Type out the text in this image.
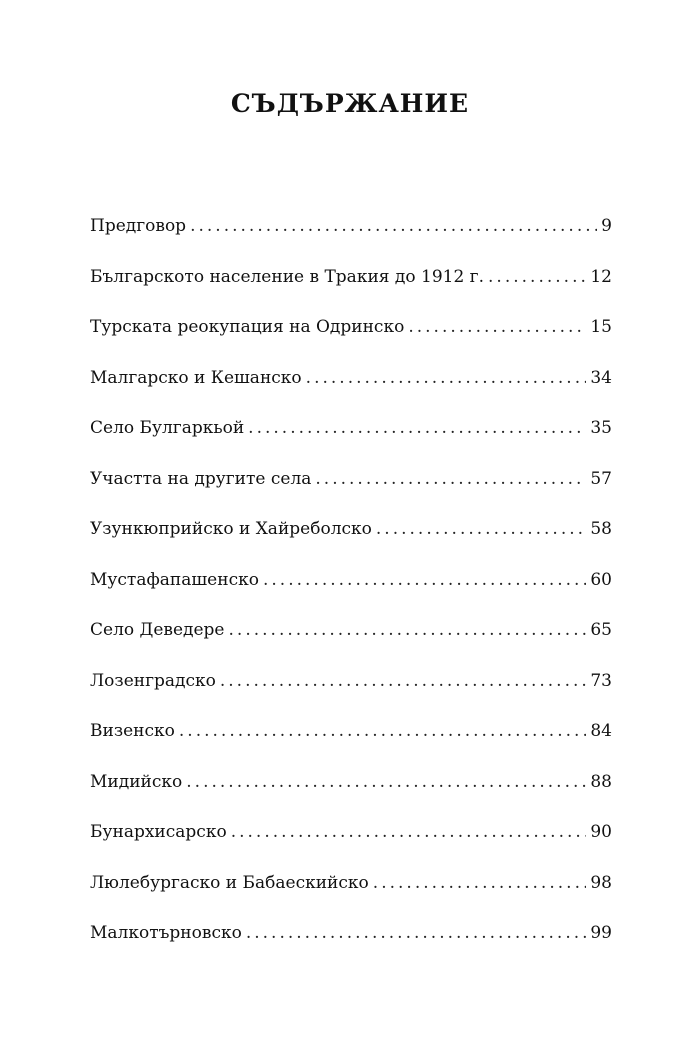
СЪДЪРЖАНИЕ
Предговор . . .	9
Българското население в Тракия до 1912 г. . . .	12
Турската реокупация на Одринско . . .	15
Малгарско и Кешанско . . .	34
Село Булгаркьой . . .	35
Участта на другите села . . .	57
Узункюприйско и Хайреболско . . .	58
Мустафапашенско . . .	60
Село Деведере . . .	65
Лозенградско . . .	73
Визенско . . .	84
Мидийско . . .	88
Бунархисарско . . .	90
Люлебургаско и Бабаескийско . . .	98
Малкотърновско . . .	99
